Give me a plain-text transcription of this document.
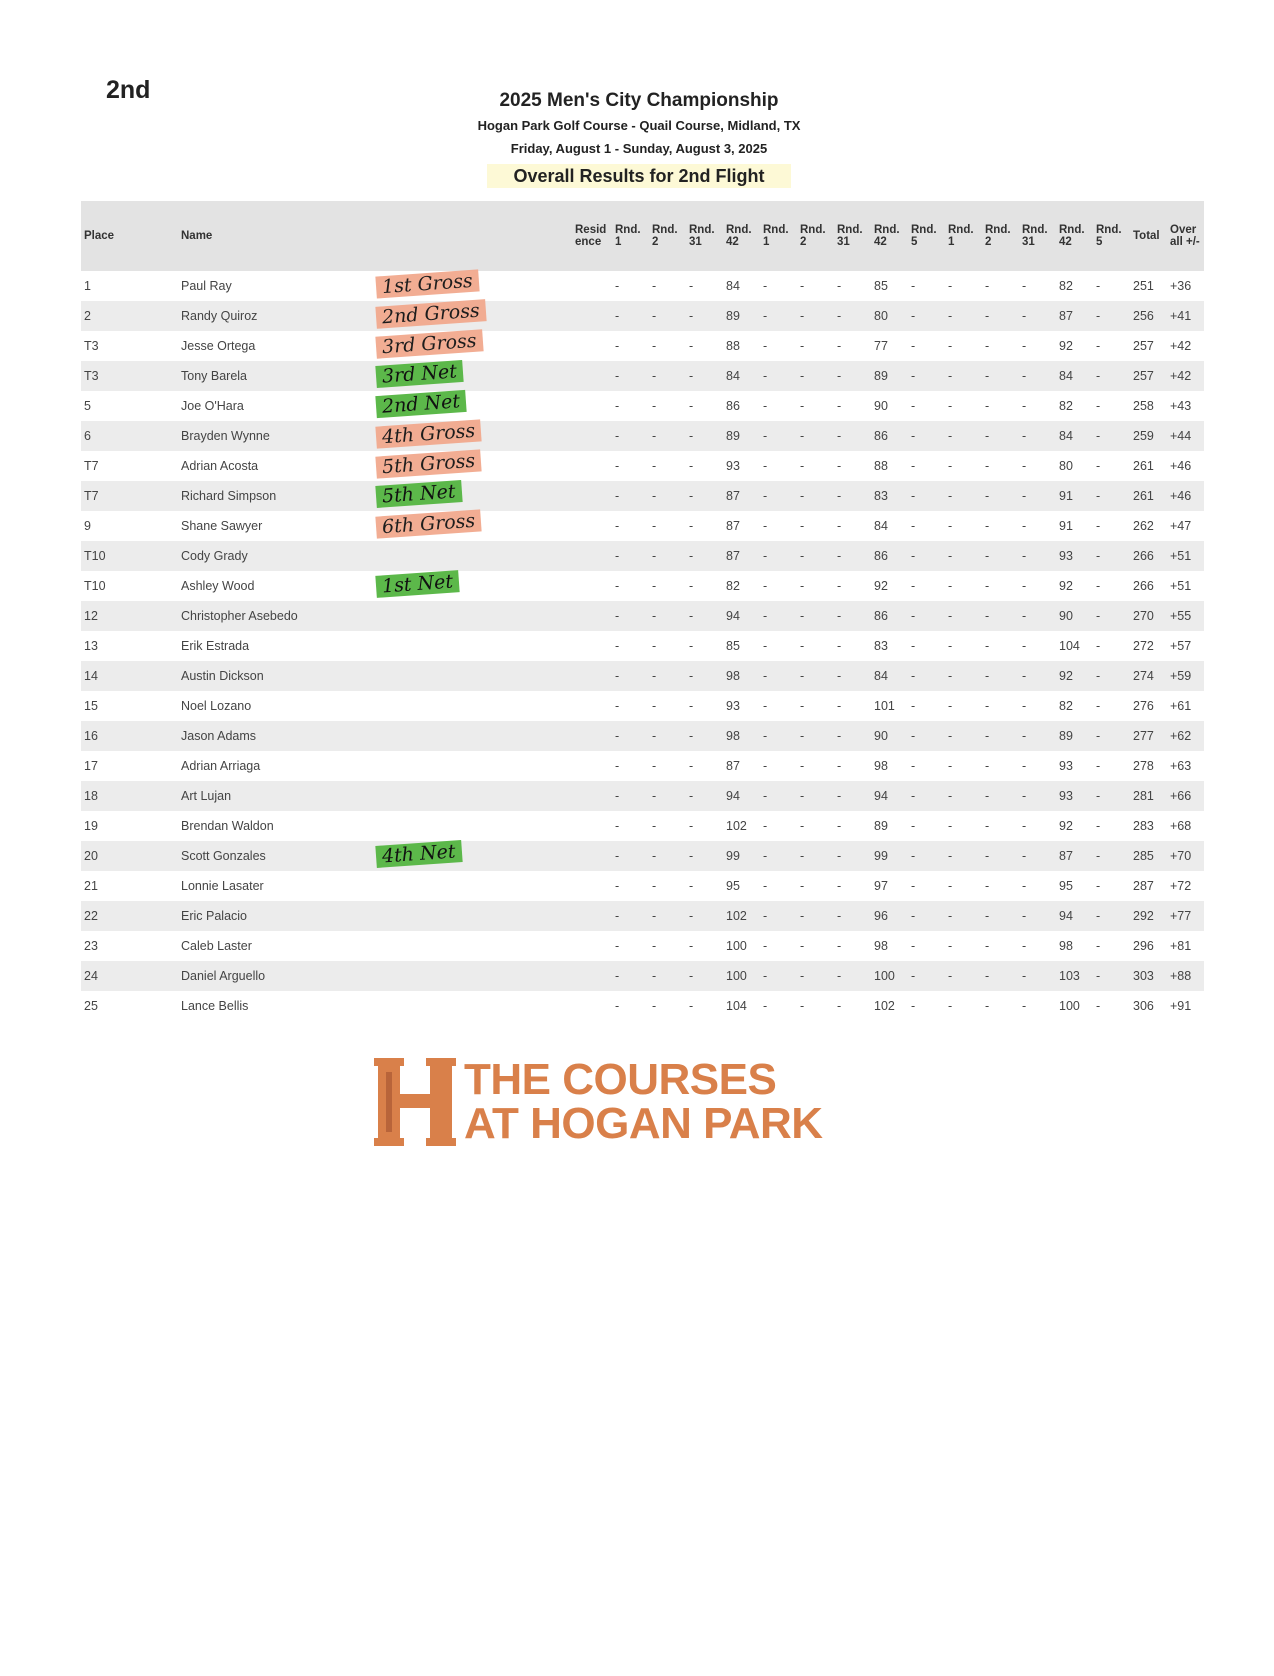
2nd	2025 Men's City Championship
Hogan Park Golf Course - Quail Course, Midland, TX
Friday, August 1 - Sunday, August 3, 2025
Overall Results for 2nd Flight
Place	Name		Residence	Rnd. 1	Rnd. 2	Rnd. 31	Rnd. 42	Rnd. 1	Rnd. 2	Rnd. 31	Rnd. 42	Rnd. 5	Rnd. 1	Rnd. 2	Rnd. 31	Rnd. 42	Rnd. 5	Total	Overall +/-
1	Paul Ray	1st Gross		-	-	-	84	-	-	-	85	-	-	-	-	82	-	251	+36
2	Randy Quiroz	2nd Gross		-	-	-	89	-	-	-	80	-	-	-	-	87	-	256	+41
T3	Jesse Ortega	3rd Gross		-	-	-	88	-	-	-	77	-	-	-	-	92	-	257	+42
T3	Tony Barela	3rd Net		-	-	-	84	-	-	-	89	-	-	-	-	84	-	257	+42
5	Joe O'Hara	2nd Net		-	-	-	86	-	-	-	90	-	-	-	-	82	-	258	+43
6	Brayden Wynne	4th Gross		-	-	-	89	-	-	-	86	-	-	-	-	84	-	259	+44
T7	Adrian Acosta	5th Gross		-	-	-	93	-	-	-	88	-	-	-	-	80	-	261	+46
T7	Richard Simpson	5th Net		-	-	-	87	-	-	-	83	-	-	-	-	91	-	261	+46
9	Shane Sawyer	6th Gross		-	-	-	87	-	-	-	84	-	-	-	-	91	-	262	+47
T10	Cody Grady			-	-	-	87	-	-	-	86	-	-	-	-	93	-	266	+51
T10	Ashley Wood	1st Net		-	-	-	82	-	-	-	92	-	-	-	-	92	-	266	+51
12	Christopher Asebedo			-	-	-	94	-	-	-	86	-	-	-	-	90	-	270	+55
13	Erik Estrada			-	-	-	85	-	-	-	83	-	-	-	-	104	-	272	+57
14	Austin Dickson			-	-	-	98	-	-	-	84	-	-	-	-	92	-	274	+59
15	Noel Lozano			-	-	-	93	-	-	-	101	-	-	-	-	82	-	276	+61
16	Jason Adams			-	-	-	98	-	-	-	90	-	-	-	-	89	-	277	+62
17	Adrian Arriaga			-	-	-	87	-	-	-	98	-	-	-	-	93	-	278	+63
18	Art Lujan			-	-	-	94	-	-	-	94	-	-	-	-	93	-	281	+66
19	Brendan Waldon			-	-	-	102	-	-	-	89	-	-	-	-	92	-	283	+68
20	Scott Gonzales	4th Net		-	-	-	99	-	-	-	99	-	-	-	-	87	-	285	+70
21	Lonnie Lasater			-	-	-	95	-	-	-	97	-	-	-	-	95	-	287	+72
22	Eric Palacio			-	-	-	102	-	-	-	96	-	-	-	-	94	-	292	+77
23	Caleb Laster			-	-	-	100	-	-	-	98	-	-	-	-	98	-	296	+81
24	Daniel Arguello			-	-	-	100	-	-	-	100	-	-	-	-	103	-	303	+88
25	Lance Bellis			-	-	-	104	-	-	-	102	-	-	-	-	100	-	306	+91
THE COURSES
AT HOGAN PARK
